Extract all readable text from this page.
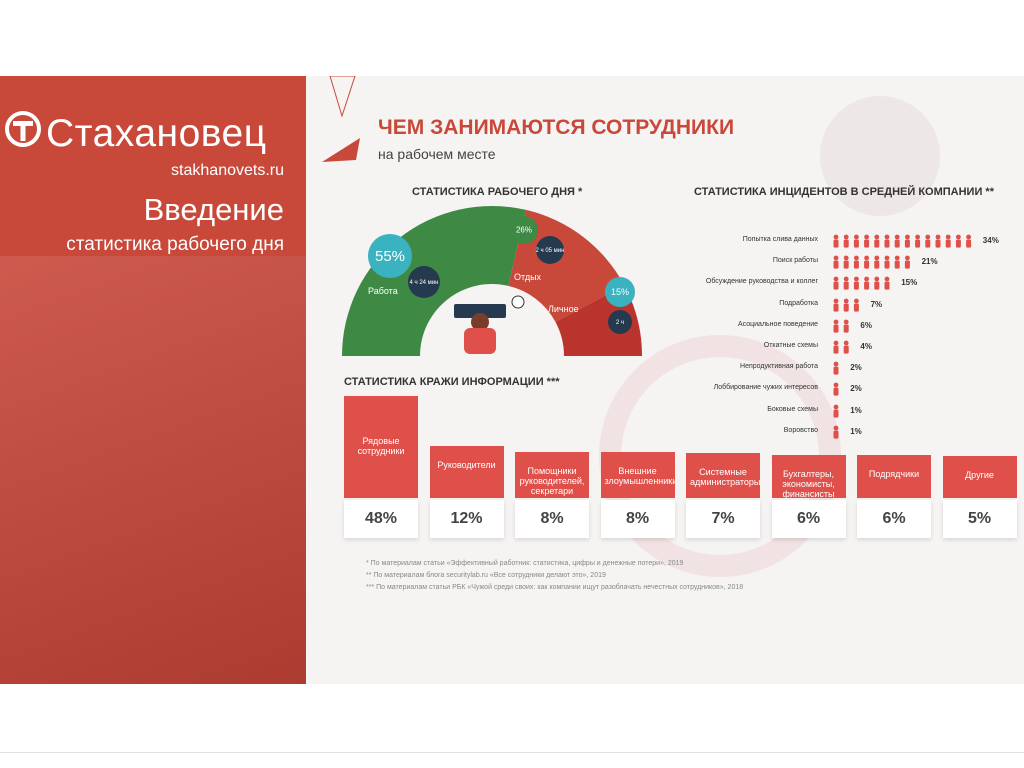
Стахановец
stakhanovets.ru
Введение
статистика рабочего дня
ЧЕМ ЗАНИМАЮТСЯ СОТРУДНИКИ
на рабочем месте
СТАТИСТИКА РАБОЧЕГО ДНЯ *
55%
4 ч 24 мин
26%
2 ч 05 мин
15%
2 ч
Работа
Отдых
Личное
СТАТИСТИКА ИНЦИДЕНТОВ В СРЕДНЕЙ КОМПАНИИ **
Попытка слива данных	34%
Поиск работы	21%
Обсуждение руководства и коллег	15%
Подработка	7%
Асоциальное поведение	6%
Откатные схемы	4%
Непродуктивная работа	2%
Лоббирование чужих интересов	2%
Боковые схемы	1%
Воровство	1%
СТАТИСТИКА КРАЖИ ИНФОРМАЦИИ ***
Рядовые сотрудники
48%
Руководители
12%
Помощники руководителей, секретари
8%
Внешние злоумышленники
8%
Системные администраторы
7%
Бухгалтеры, экономисты, финансисты
6%
Подрядчики
6%
Другие
5%
* По материалам статьи «Эффективный работник: статистика, цифры и денежные потери», 2019
** По материалам блога securitylab.ru «Все сотрудники делают это», 2019
*** По материалам статьи РБК «Чужой среди своих: как компании ищут разоблачать нечестных сотрудников», 2018
